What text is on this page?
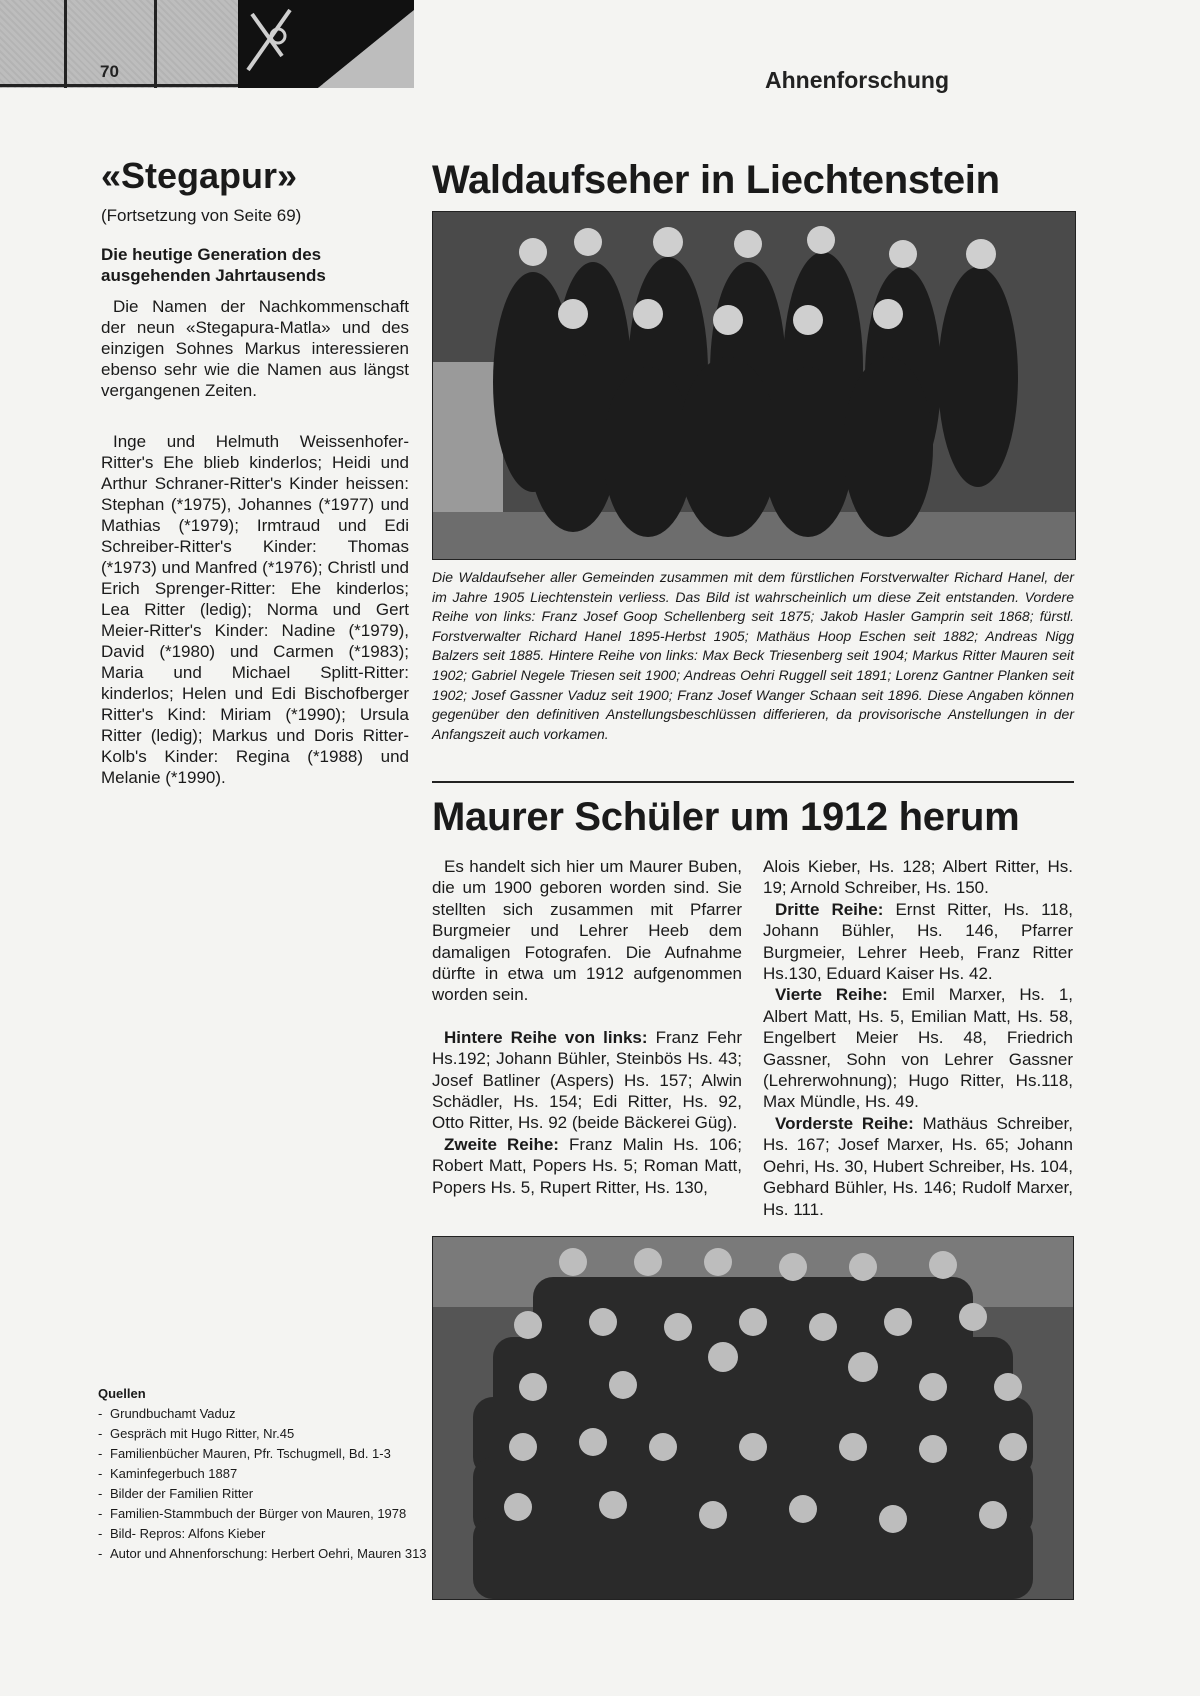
70	Ahnenforschung
«Stegapur»
(Fortsetzung von Seite 69)
Die heutige Generation des ausgehenden Jahrtausends
Die Namen der Nachkommenschaft der neun «Stegapura-Matla» und des einzigen Sohnes Markus interessieren ebenso sehr wie die Namen aus längst vergangenen Zeiten.
Inge und Helmuth Weissenhofer-Ritter's Ehe blieb kinderlos; Heidi und Arthur Schraner-Ritter's Kinder heissen: Stephan (*1975), Johannes (*1977) und Mathias (*1979); Irmtraud und Edi Schreiber-Ritter's Kinder: Thomas (*1973) und Manfred (*1976); Christl und Erich Sprenger-Ritter: Ehe kinderlos; Lea Ritter (ledig); Norma und Gert Meier-Ritter's Kinder: Nadine (*1979), David (*1980) und Carmen (*1983); Maria und Michael Splitt-Ritter: kinderlos; Helen und Edi Bischofberger Ritter's Kind: Miriam (*1990); Ursula Ritter (ledig); Markus und Doris Ritter-Kolb's Kinder: Regina (*1988) und Melanie (*1990).
Quellen
- Grundbuchamt Vaduz
- Gespräch mit Hugo Ritter, Nr.45
- Familienbücher Mauren, Pfr. Tschugmell, Bd. 1-3
- Kaminfegerbuch 1887
- Bilder der Familien Ritter
- Familien-Stammbuch der Bürger von Mauren, 1978
- Bild- Repros: Alfons Kieber
- Autor und Ahnenforschung: Herbert Oehri, Mauren 313
Waldaufseher in Liechtenstein
Die Waldaufseher aller Gemeinden zusammen mit dem fürstlichen Forstverwalter Richard Hanel, der im Jahre 1905 Liechtenstein verliess. Das Bild ist wahrscheinlich um diese Zeit entstanden. Vordere Reihe von links: Franz Josef Goop Schellenberg seit 1875; Jakob Hasler Gamprin seit 1868; fürstl. Forstverwalter Richard Hanel 1895-Herbst 1905; Mathäus Hoop Eschen seit 1882; Andreas Nigg Balzers seit 1885. Hintere Reihe von links: Max Beck Triesenberg seit 1904; Markus Ritter Mauren seit 1902; Gabriel Negele Triesen seit 1900; Andreas Oehri Ruggell seit 1891; Lorenz Gantner Planken seit 1902; Josef Gassner Vaduz seit 1900; Franz Josef Wanger Schaan seit 1896. Diese Angaben können gegenüber den definitiven Anstellungsbeschlüssen differieren, da provisorische Anstellungen in der Anfangszeit auch vorkamen.
Maurer Schüler um 1912 herum

Es handelt sich hier um Maurer Buben, die um 1900 geboren worden sind. Sie stellten sich zusammen mit Pfarrer Burgmeier und Lehrer Heeb dem damaligen Fotografen. Die Aufnahme dürfte in etwa um 1912 aufgenommen worden sein.

Hintere Reihe von links: Franz Fehr Hs.192; Johann Bühler, Steinbös Hs. 43; Josef Batliner (Aspers) Hs. 157; Alwin Schädler, Hs. 154; Edi Ritter, Hs. 92, Otto Ritter, Hs. 92 (beide Bäckerei Güg).

Zweite Reihe: Franz Malin Hs. 106; Robert Matt, Popers Hs. 5; Roman Matt, Popers Hs. 5, Rupert Ritter, Hs. 130,

Alois Kieber, Hs. 128; Albert Ritter, Hs. 19; Arnold Schreiber, Hs. 150.

Dritte Reihe: Ernst Ritter, Hs. 118, Johann Bühler, Hs. 146, Pfarrer Burgmeier, Lehrer Heeb, Franz Ritter Hs.130, Eduard Kaiser Hs. 42.

Vierte Reihe: Emil Marxer, Hs. 1, Albert Matt, Hs. 5, Emilian Matt, Hs. 58, Engelbert Meier Hs. 48, Friedrich Gassner, Sohn von Lehrer Gassner (Lehrerwohnung); Hugo Ritter, Hs.118, Max Mündle, Hs. 49.

Vorderste Reihe: Mathäus Schreiber, Hs. 167; Josef Marxer, Hs. 65; Johann Oehri, Hs. 30, Hubert Schreiber, Hs. 104, Gebhard Bühler, Hs. 146; Rudolf Marxer, Hs. 111.
